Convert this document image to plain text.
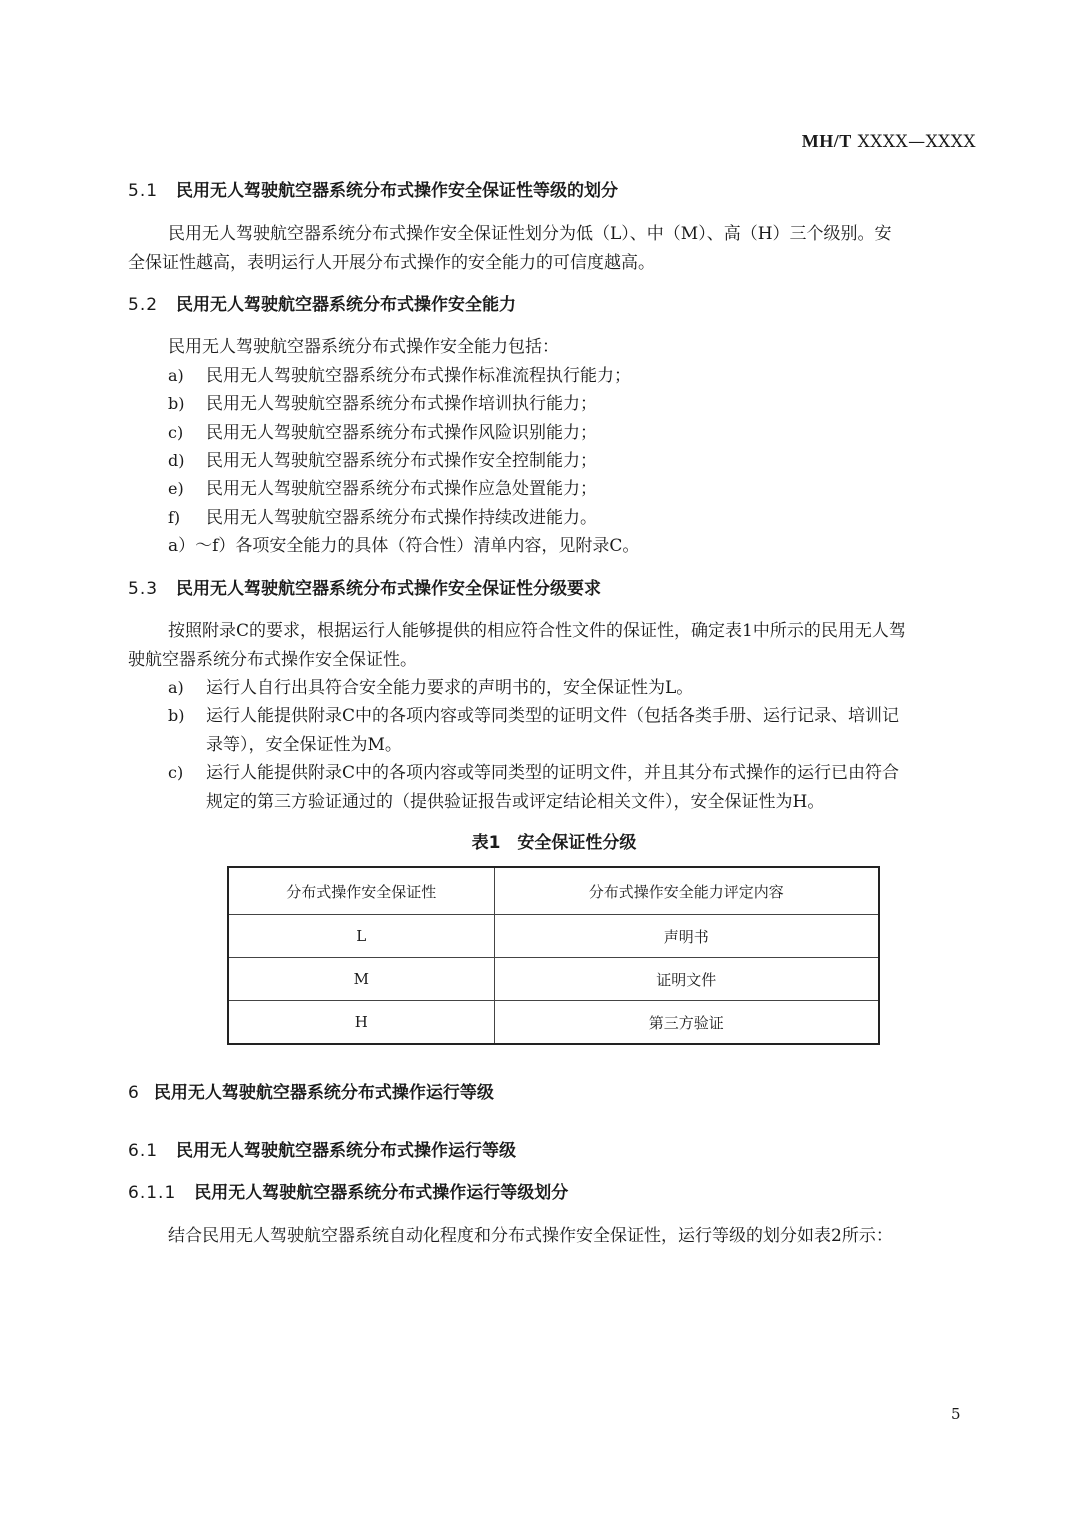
MH/T XXXX—XXXX
5.1 民用无人驾驶航空器系统分布式操作安全保证性等级的划分
民用无人驾驶航空器系统分布式操作安全保证性划分为低（L）、中（M）、高（H）三个级别。安
全保证性越高，表明运行人开展分布式操作的安全能力的可信度越高。
5.2 民用无人驾驶航空器系统分布式操作安全能力
民用无人驾驶航空器系统分布式操作安全能力包括：
a) 民用无人驾驶航空器系统分布式操作标准流程执行能力；
b) 民用无人驾驶航空器系统分布式操作培训执行能力；
c) 民用无人驾驶航空器系统分布式操作风险识别能力；
d) 民用无人驾驶航空器系统分布式操作安全控制能力；
e) 民用无人驾驶航空器系统分布式操作应急处置能力；
f) 民用无人驾驶航空器系统分布式操作持续改进能力。
a）～f）各项安全能力的具体（符合性）清单内容，见附录C。
5.3 民用无人驾驶航空器系统分布式操作安全保证性分级要求
按照附录C的要求，根据运行人能够提供的相应符合性文件的保证性，确定表1中所示的民用无人驾
驶航空器系统分布式操作安全保证性。
a) 运行人自行出具符合安全能力要求的声明书的，安全保证性为L。
b) 运行人能提供附录C中的各项内容或等同类型的证明文件（包括各类手册、运行记录、培训记
录等），安全保证性为M。
c) 运行人能提供附录C中的各项内容或等同类型的证明文件，并且其分布式操作的运行已由符合
规定的第三方验证通过的（提供验证报告或评定结论相关文件），安全保证性为H。
表1　安全保证性分级
分布式操作安全保证性	分布式操作安全能力评定内容
L	声明书
M	证明文件
H	第三方验证
6 民用无人驾驶航空器系统分布式操作运行等级
6.1 民用无人驾驶航空器系统分布式操作运行等级
6.1.1 民用无人驾驶航空器系统分布式操作运行等级划分
结合民用无人驾驶航空器系统自动化程度和分布式操作安全保证性，运行等级的划分如表2所示：
5
